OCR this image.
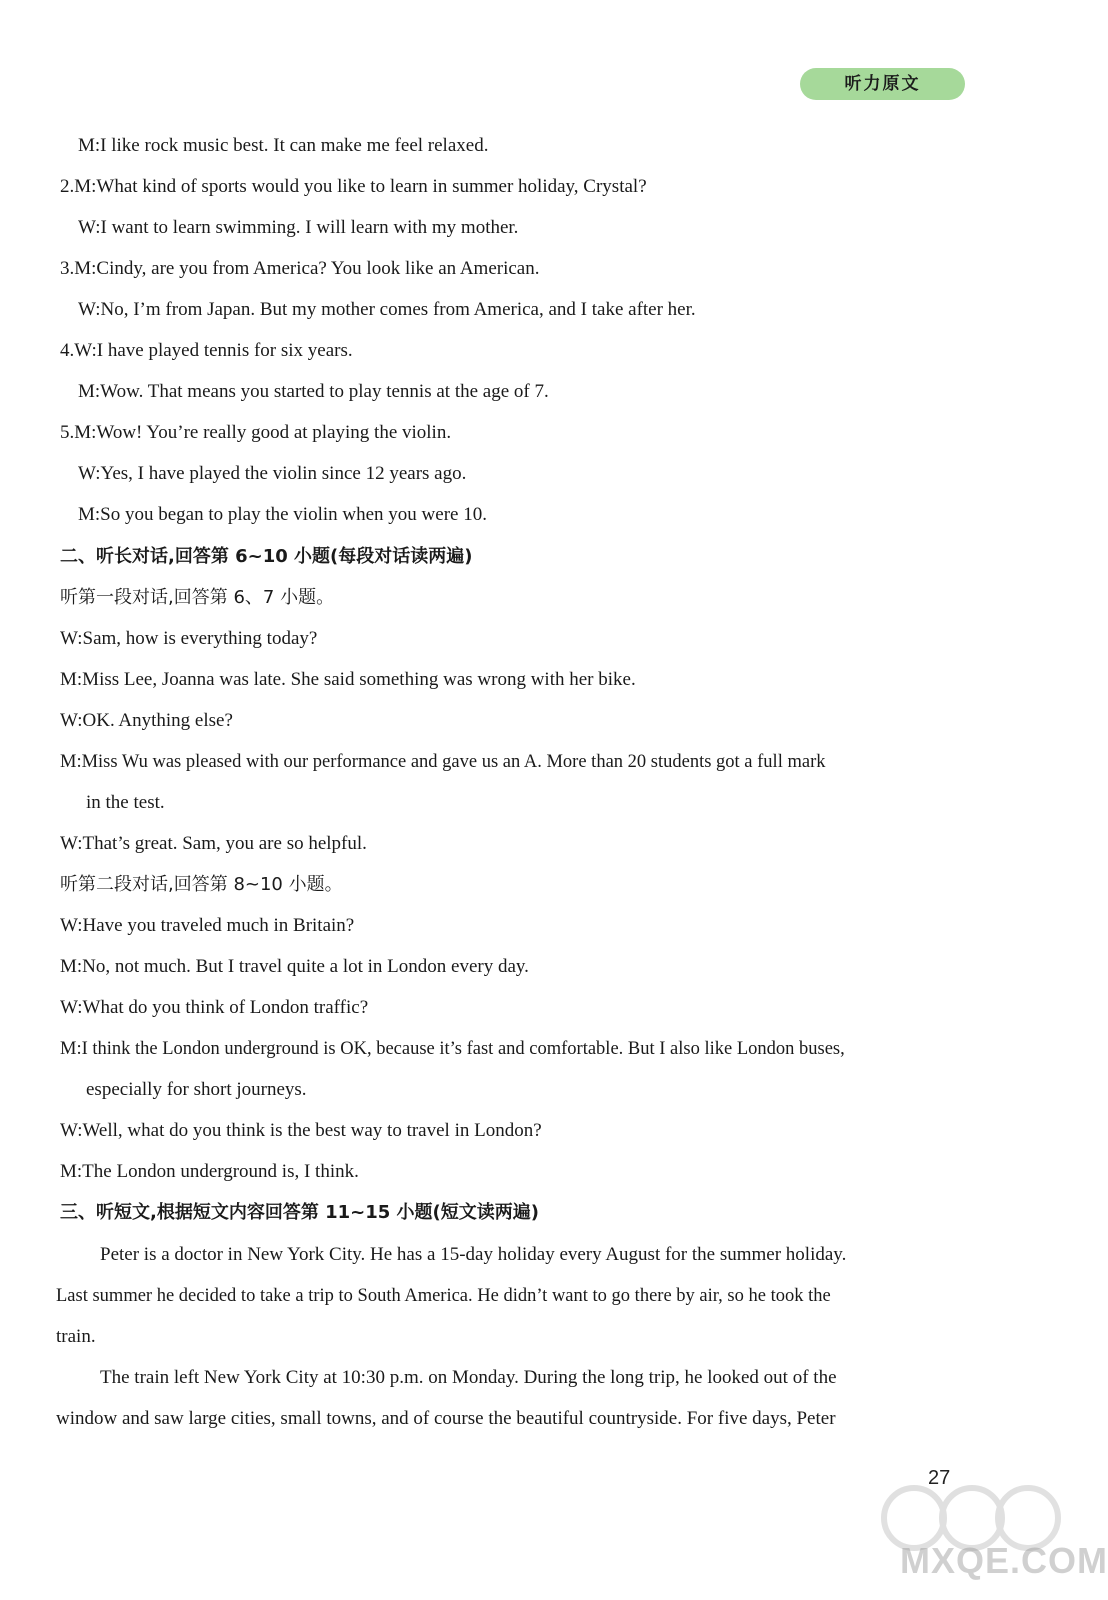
听力原文
M:I like rock music best. It can make me feel relaxed.
2.M:What kind of sports would you like to learn in summer holiday, Crystal?
W:I want to learn swimming. I will learn with my mother.
3.M:Cindy, are you from America? You look like an American.
W:No, I’m from Japan. But my mother comes from America, and I take after her.
4.W:I have played tennis for six years.
M:Wow. That means you started to play tennis at the age of 7.
5.M:Wow! You’re really good at playing the violin.
W:Yes, I have played the violin since 12 years ago.
M:So you began to play the violin when you were 10.
二、听长对话,回答第 6~10 小题(每段对话读两遍)
听第一段对话,回答第 6、7 小题。
W:Sam, how is everything today?
M:Miss Lee, Joanna was late. She said something was wrong with her bike.
W:OK. Anything else?
M:Miss Wu was pleased with our performance and gave us an A. More than 20 students got a full mark
in the test.
W:That’s great. Sam, you are so helpful.
听第二段对话,回答第 8~10 小题。
W:Have you traveled much in Britain?
M:No, not much. But I travel quite a lot in London every day.
W:What do you think of London traffic?
M:I think the London underground is OK, because it’s fast and comfortable. But I also like London buses,
especially for short journeys.
W:Well, what do you think is the best way to travel in London?
M:The London underground is, I think.
三、听短文,根据短文内容回答第 11~15 小题(短文读两遍)
Peter is a doctor in New York City. He has a 15-day holiday every August for the summer holiday.
Last summer he decided to take a trip to South America. He didn’t want to go there by air, so he took the
train.
The train left New York City at 10:30 p.m. on Monday. During the long trip, he looked out of the
window and saw large cities, small towns, and of course the beautiful countryside. For five days, Peter
27
MXQE.COM
